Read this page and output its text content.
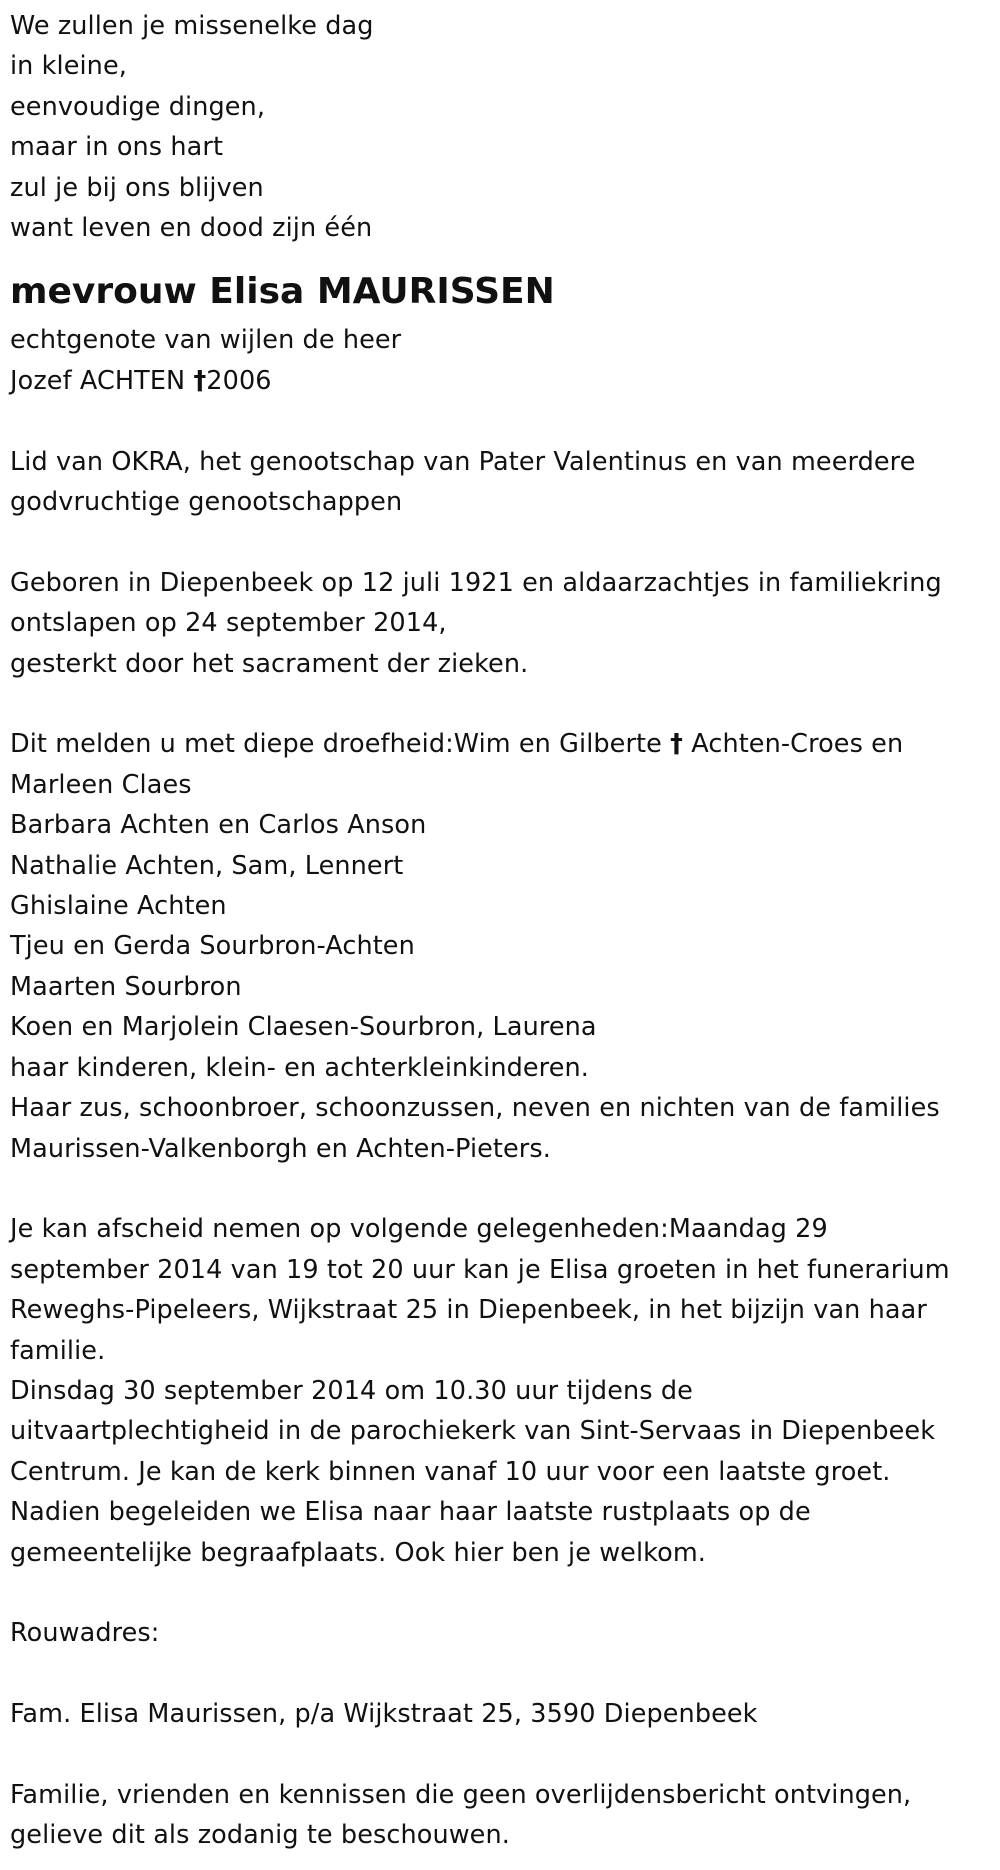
We zullen je missenelke dag
in kleine,
eenvoudige dingen,
maar in ons hart
zul je bij ons blijven
want leven en dood zijn één
mevrouw Elisa MAURISSEN
echtgenote van wijlen de heer
Jozef ACHTEN †2006
Lid van OKRA, het genootschap van Pater Valentinus en van meerdere
godvruchtige genootschappen
Geboren in Diepenbeek op 12 juli 1921 en aldaarzachtjes in familiekring
ontslapen op 24 september 2014,
gesterkt door het sacrament der zieken.
Dit melden u met diepe droefheid:Wim en Gilberte † Achten-Croes en
Marleen Claes
Barbara Achten en Carlos Anson
Nathalie Achten, Sam, Lennert
Ghislaine Achten
Tjeu en Gerda Sourbron-Achten
Maarten Sourbron
Koen en Marjolein Claesen-Sourbron, Laurena
haar kinderen, klein- en achterkleinkinderen.
Haar zus, schoonbroer, schoonzussen, neven en nichten van de families
Maurissen-Valkenborgh en Achten-Pieters.
Je kan afscheid nemen op volgende gelegenheden:Maandag 29
september 2014 van 19 tot 20 uur kan je Elisa groeten in het funerarium
Reweghs-Pipeleers, Wijkstraat 25 in Diepenbeek, in het bijzijn van haar
familie.
Dinsdag 30 september 2014 om 10.30 uur tijdens de
uitvaartplechtigheid in de parochiekerk van Sint-Servaas in Diepenbeek
Centrum. Je kan de kerk binnen vanaf 10 uur voor een laatste groet.
Nadien begeleiden we Elisa naar haar laatste rustplaats op de
gemeentelijke begraafplaats. Ook hier ben je welkom.
Rouwadres:
Fam. Elisa Maurissen, p/a Wijkstraat 25, 3590 Diepenbeek
Familie, vrienden en kennissen die geen overlijdensbericht ontvingen,
gelieve dit als zodanig te beschouwen.
